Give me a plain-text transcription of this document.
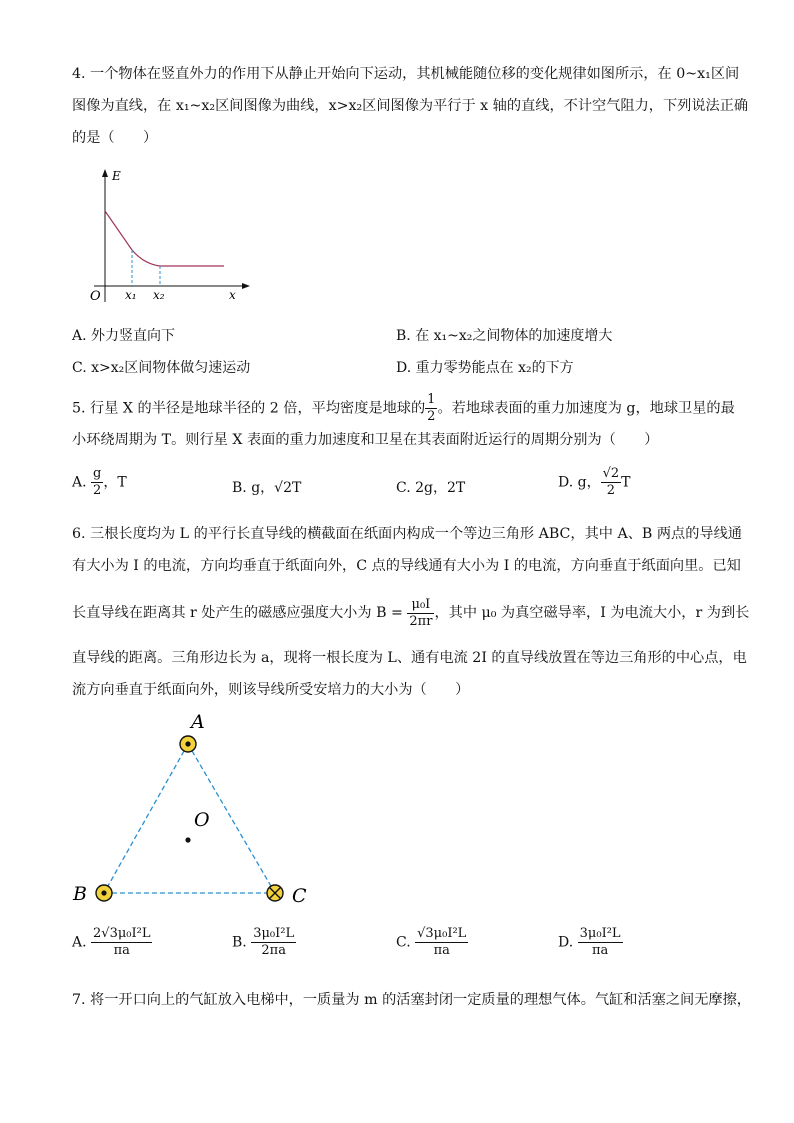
4. 一个物体在竖直外力的作用下从静止开始向下运动，其机械能随位移的变化规律如图所示，在 0~x₁区间
图像为直线，在 x₁~x₂区间图像为曲线，x>x₂区间图像为平行于 x 轴的直线，不计空气阻力，下列说法正确
的是（　　）
E
O x₁ x₂	x
A. 外力竖直向下	B. 在 x₁~x₂之间物体的加速度增大
C. x>x₂区间物体做匀速运动	D. 重力零势能点在 x₂的下方
5. 行星 X 的半径是地球半径的 2 倍，平均密度是地球的 $\frac{1}{2}$ 。若地球表面的重力加速度为 g，地球卫星的最
小环绕周期为 T。则行星 X 表面的重力加速度和卫星在其表面附近运行的周期分别为（　　）
A. $\frac{g}{2}$ ，T	B. g，√2T	C. 2g，2T	D. g， $\frac{√2}{2}$ T
6. 三根长度均为 L 的平行长直导线的横截面在纸面内构成一个等边三角形 ABC，其中 A、B 两点的导线通
有大小为 I 的电流，方向均垂直于纸面向外，C 点的导线通有大小为 I 的电流，方向垂直于纸面向里。已知
长直导线在距离其 r 处产生的磁感应强度大小为 $B = \frac{\text{μ₀I}}{2\pi r}$ ，其中 μ₀ 为真空磁导率，I 为电流大小，r 为到长
直导线的距离。三角形边长为 a，现将一根长度为 L、通有电流 2I 的直导线放置在等边三角形的中心点，电
流方向垂直于纸面向外，则该导线所受安培力的大小为（　　）
A
B	C
O
A. $\frac{\text{2√3μ₀I²L}}{\pi a}$	B. $\frac{\text{3μ₀I²L}}{2\pi a}$	C. $\frac{\text{√3μ₀I²L}}{\pi a}$	D. $\frac{\text{3μ₀I²L}}{\pi a}$
7. 将一开口向上的气缸放入电梯中，一质量为 m 的活塞封闭一定质量的理想气体。气缸和活塞之间无摩擦，
